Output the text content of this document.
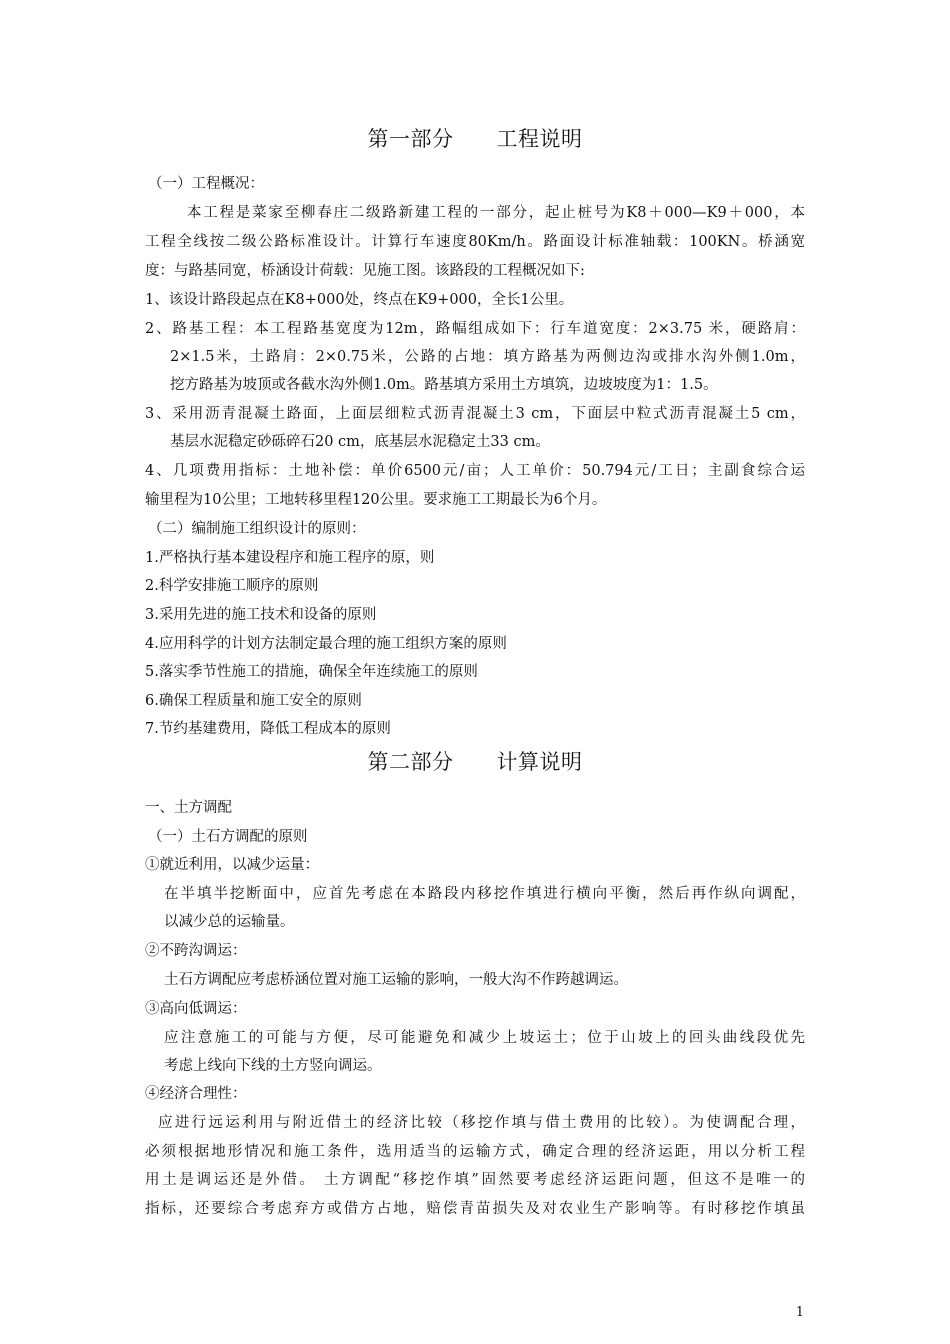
第一部分　　工程说明
（一）工程概况：
本工程是菜家至柳春庄二级路新建工程的一部分，起止桩号为K8＋000—K9＋000，本
工程全线按二级公路标准设计。计算行车速度80Km/h。路面设计标准轴载：100KN。桥涵宽
度：与路基同宽，桥涵设计荷载：见施工图。该路段的工程概况如下:
1、该设计路段起点在K8+000处，终点在K9+000，全长1公里。
2、路基工程：本工程路基宽度为12m，路幅组成如下：行车道宽度：2×3.75 米，硬路肩：
2×1.5米，土路肩：2×0.75米，公路的占地：填方路基为两侧边沟或排水沟外侧1.0m，
挖方路基为坡顶或各截水沟外侧1.0m。路基填方采用土方填筑，边坡坡度为1：1.5。
3、采用沥青混凝土路面，上面层细粒式沥青混凝土3 cm，下面层中粒式沥青混凝土5 cm，
基层水泥稳定砂砾碎石20 cm，底基层水泥稳定土33 cm。
4、几项费用指标：土地补偿：单价6500元/亩；人工单价：50.794元/工日；主副食综合运
输里程为10公里；工地转移里程120公里。要求施工工期最长为6个月。
（二）编制施工组织设计的原则：
1.严格执行基本建设程序和施工程序的原，则
2.科学安排施工顺序的原则
3.采用先进的施工技术和设备的原则
4.应用科学的计划方法制定最合理的施工组织方案的原则
5.落实季节性施工的措施，确保全年连续施工的原则
6.确保工程质量和施工安全的原则
7.节约基建费用，降低工程成本的原则
第二部分　　计算说明
一、土方调配
（一）土石方调配的原则
①就近利用，以减少运量：
在半填半挖断面中，应首先考虑在本路段内移挖作填进行横向平衡，然后再作纵向调配，
以减少总的运输量。
②不跨沟调运：
土石方调配应考虑桥涵位置对施工运输的影响，一般大沟不作跨越调运。
③高向低调运：
应注意施工的可能与方便，尽可能避免和减少上坡运土；位于山坡上的回头曲线段优先
考虑上线向下线的土方竖向调运。
④经济合理性：
应进行远运利用与附近借土的经济比较（移挖作填与借土费用的比较）。为使调配合理，
必须根据地形情况和施工条件，选用适当的运输方式，确定合理的经济运距，用以分析工程
用土是调运还是外借。 土方调配“移挖作填”固然要考虑经济运距问题，但这不是唯一的
指标，还要综合考虑弃方或借方占地，赔偿青苗损失及对农业生产影响等。有时移挖作填虽
1
